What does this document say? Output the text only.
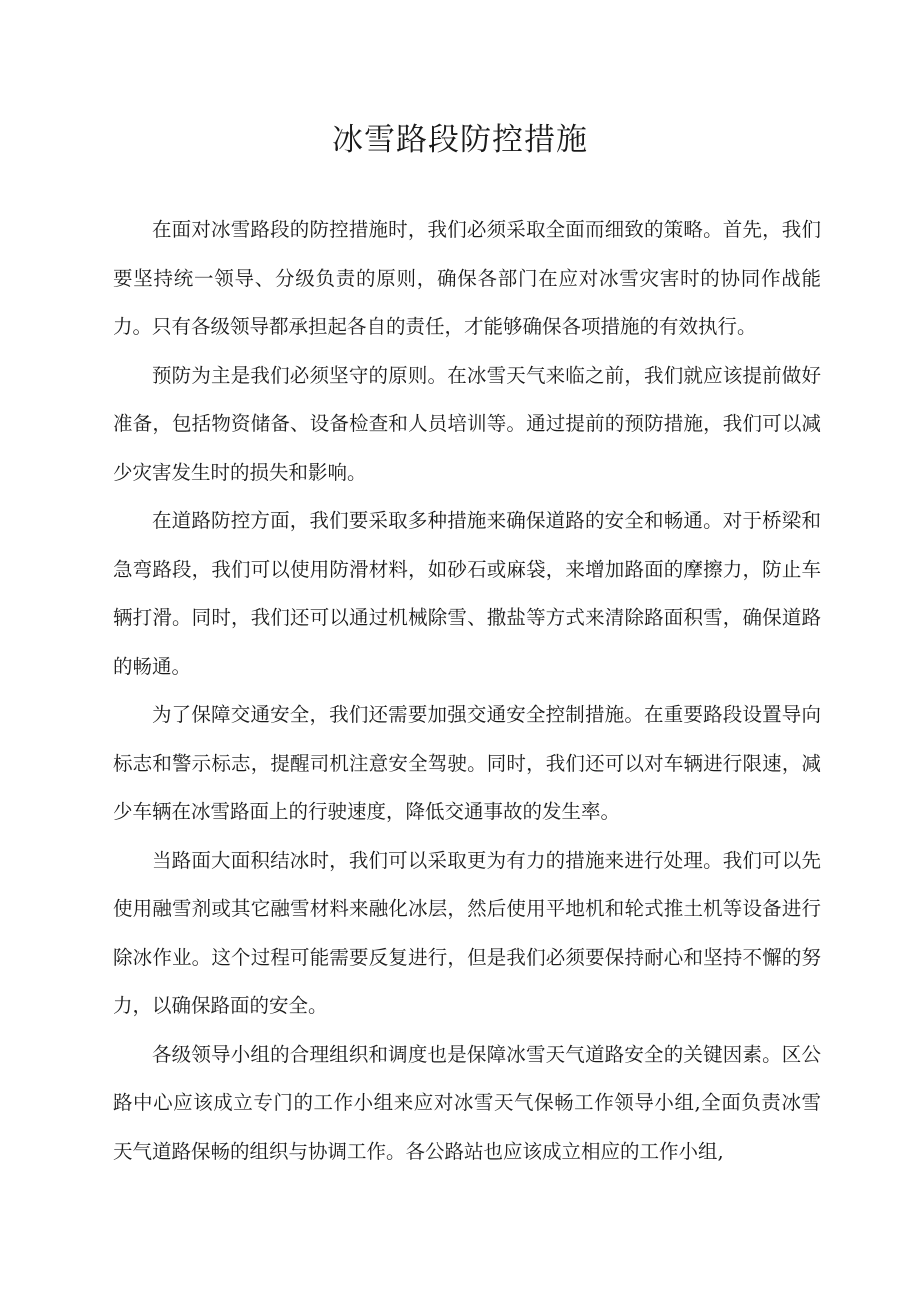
冰雪路段防控措施

在面对冰雪路段的防控措施时，我们必须采取全面而细致的策略。首先，我们要坚持统一领导、分级负责的原则，确保各部门在应对冰雪灾害时的协同作战能力。只有各级领导都承担起各自的责任，才能够确保各项措施的有效执行。

预防为主是我们必须坚守的原则。在冰雪天气来临之前，我们就应该提前做好准备，包括物资储备、设备检查和人员培训等。通过提前的预防措施，我们可以减少灾害发生时的损失和影响。

在道路防控方面，我们要采取多种措施来确保道路的安全和畅通。对于桥梁和急弯路段，我们可以使用防滑材料，如砂石或麻袋，来增加路面的摩擦力，防止车辆打滑。同时，我们还可以通过机械除雪、撒盐等方式来清除路面积雪，确保道路的畅通。

为了保障交通安全，我们还需要加强交通安全控制措施。在重要路段设置导向标志和警示标志，提醒司机注意安全驾驶。同时，我们还可以对车辆进行限速，减少车辆在冰雪路面上的行驶速度，降低交通事故的发生率。

当路面大面积结冰时，我们可以采取更为有力的措施来进行处理。我们可以先使用融雪剂或其它融雪材料来融化冰层，然后使用平地机和轮式推土机等设备进行除冰作业。这个过程可能需要反复进行，但是我们必须要保持耐心和坚持不懈的努力，以确保路面的安全。

各级领导小组的合理组织和调度也是保障冰雪天气道路安全的关键因素。区公路中心应该成立专门的工作小组来应对冰雪天气保畅工作领导小组,全面负责冰雪天气道路保畅的组织与协调工作。各公路站也应该成立相应的工作小组,
